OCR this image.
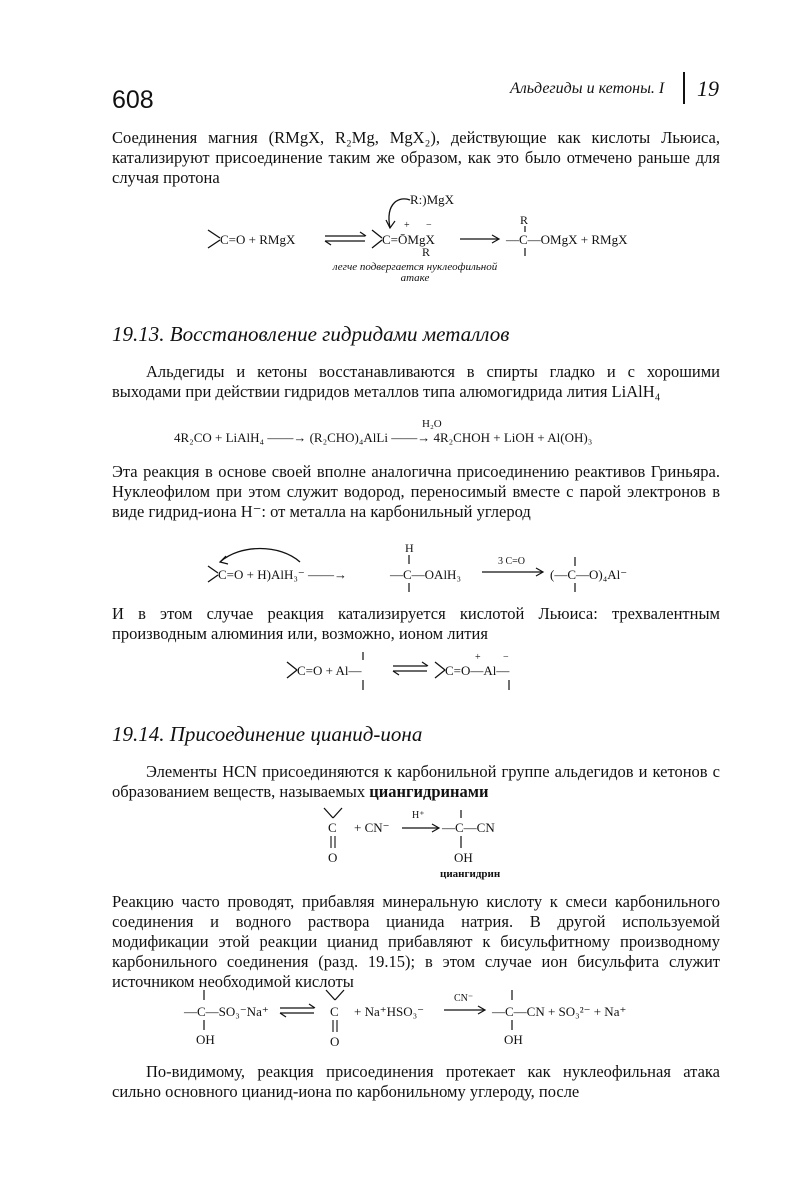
608	Альдегиды и кетоны. I 19
Соединения магния (RMgX, R₂Mg, MgX₂), действующие как кислоты Льюиса, катализируют присоединение таким же образом, как это было отмечено раньше для случая протона
C=O + RMgX
R:)MgX
+ −
C=ŌMgX
R
R
—C—OMgX + RMgX
легче подвергается нуклеофильной атаке
19.13. Восстановление гидридами металлов
Альдегиды и кетоны восстанавливаются в спирты гладко и с хорошими выходами при действии гидридов металлов типа алюмогидрида лития LiAlH₄
4R₂CO + LiAlH₄ ——→ (R₂CHO)₄AlLi ——→ 4R₂CHOH + LiOH + Al(OH)₃
H₂O
Эта реакция в основе своей вполне аналогична присоединению реактивов Гриньяра. Нуклеофилом при этом служит водород, переносимый вместе с парой электронов в виде гидрид-иона H⁻: от металла на карбонильный углерод
C=O + H)AlH₃⁻ ——→
H
—C—OAlH₃
3 C=O
(—C—O)₄Al⁻
И в этом случае реакция катализируется кислотой Льюиса: трехвалентным производным алюминия или, возможно, ионом лития
C=O + Al—
+ −
C=O—Al—
19.14. Присоединение цианид-иона
Элементы HCN присоединяются к карбонильной группе альдегидов и кетонов с образованием веществ, называемых циангидринами
C
O
+ CN⁻
H⁺
—C—CN
OH
циангидрин
Реакцию часто проводят, прибавляя минеральную кислоту к смеси карбонильного соединения и водного раствора цианида натрия. В другой используемой модификации этой реакции цианид прибавляют к бисульфитному производному карбонильного соединения (разд. 19.15); в этом случае ион бисульфита служит источником необходимой кислоты
—C—SO₃⁻Na⁺
OH
C
O
+ Na⁺HSO₃⁻
CN⁻
—C—CN + SO₃²⁻ + Na⁺
OH
По-видимому, реакция присоединения протекает как нуклеофильная атака сильно основного цианид-иона по карбонильному углероду, после
